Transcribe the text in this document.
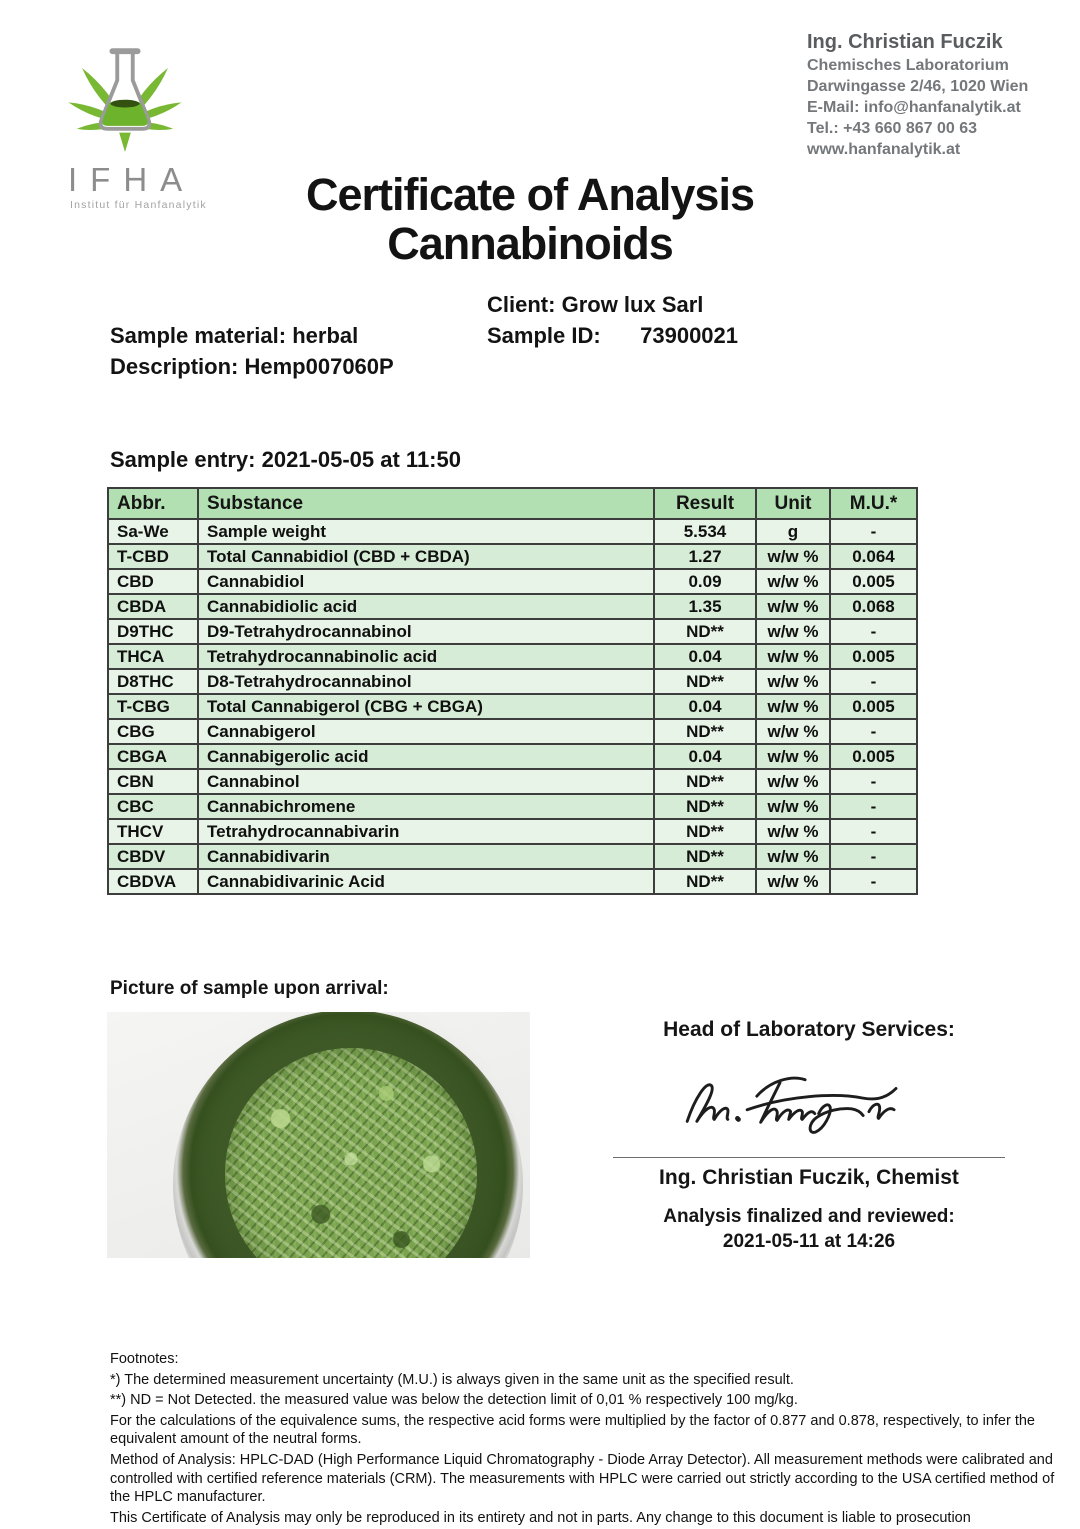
IFHA
Institut für Hanfanalytik
Ing. Christian Fuczik
Chemisches Laboratorium
Darwingasse 2/46, 1020 Wien
E-Mail: info@hanfanalytik.at
Tel.: +43 660 867 00 63
www.hanfanalytik.at
Certificate of Analysis
Cannabinoids
Client: Grow lux Sarl
Sample material: herbal	Sample ID: 73900021
Description: Hemp007060P
Sample entry: 2021-05-05 at 11:50
Abbr.	Substance	Result	Unit	M.U.*
Sa-We	Sample weight	5.534	g	-
T-CBD	Total Cannabidiol (CBD + CBDA)	1.27	w/w %	0.064
CBD	Cannabidiol	0.09	w/w %	0.005
CBDA	Cannabidiolic acid	1.35	w/w %	0.068
D9THC	D9-Tetrahydrocannabinol	ND**	w/w %	-
THCA	Tetrahydrocannabinolic acid	0.04	w/w %	0.005
D8THC	D8-Tetrahydrocannabinol	ND**	w/w %	-
T-CBG	Total Cannabigerol (CBG + CBGA)	0.04	w/w %	0.005
CBG	Cannabigerol	ND**	w/w %	-
CBGA	Cannabigerolic acid	0.04	w/w %	0.005
CBN	Cannabinol	ND**	w/w %	-
CBC	Cannabichromene	ND**	w/w %	-
THCV	Tetrahydrocannabivarin	ND**	w/w %	-
CBDV	Cannabidivarin	ND**	w/w %	-
CBDVA	Cannabidivarinic Acid	ND**	w/w %	-
Picture of sample upon arrival:
Head of Laboratory Services:
Ing. Christian Fuczik, Chemist
Analysis finalized and reviewed:
2021-05-11 at 14:26

Footnotes:

*) The determined measurement uncertainty (M.U.) is always given in the same unit as the specified result.

**) ND = Not Detected. the measured value was below the detection limit of 0,01 % respectively 100 mg/kg.

For the calculations of the equivalence sums, the respective acid forms were multiplied by the factor of 0.877 and 0.878, respectively, to infer the equivalent amount of the neutral forms.

Method of Analysis: HPLC-DAD (High Performance Liquid Chromatography - Diode Array Detector). All measurement methods were calibrated and controlled with certified reference materials (CRM). The measurements with HPLC were carried out strictly according to the USA certified method of the HPLC manufacturer.

This Certificate of Analysis may only be reproduced in its entirety and not in parts. Any change to this document is liable to prosecution
